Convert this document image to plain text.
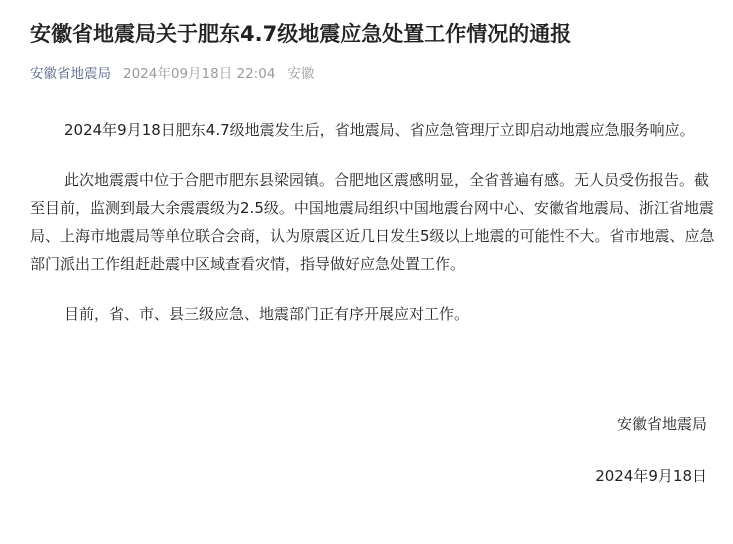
安徽省地震局关于肥东4.7级地震应急处置工作情况的通报
安徽省地震局 2024年09月18日 22:04 安徽

2024年9月18日肥东4.7级地震发生后，省地震局、省应急管理厅立即启动地震应急服务响应。

此次地震震中位于合肥市肥东县梁园镇。合肥地区震感明显，全省普遍有感。无人员受伤报告。截至目前，监测到最大余震震级为2.5级。中国地震局组织中国地震台网中心、安徽省地震局、浙江省地震局、上海市地震局等单位联合会商，认为原震区近几日发生5级以上地震的可能性不大。省市地震、应急部门派出工作组赶赴震中区域查看灾情，指导做好应急处置工作。

目前，省、市、县三级应急、地震部门正有序开展应对工作。

安徽省地震局
2024年9月18日
